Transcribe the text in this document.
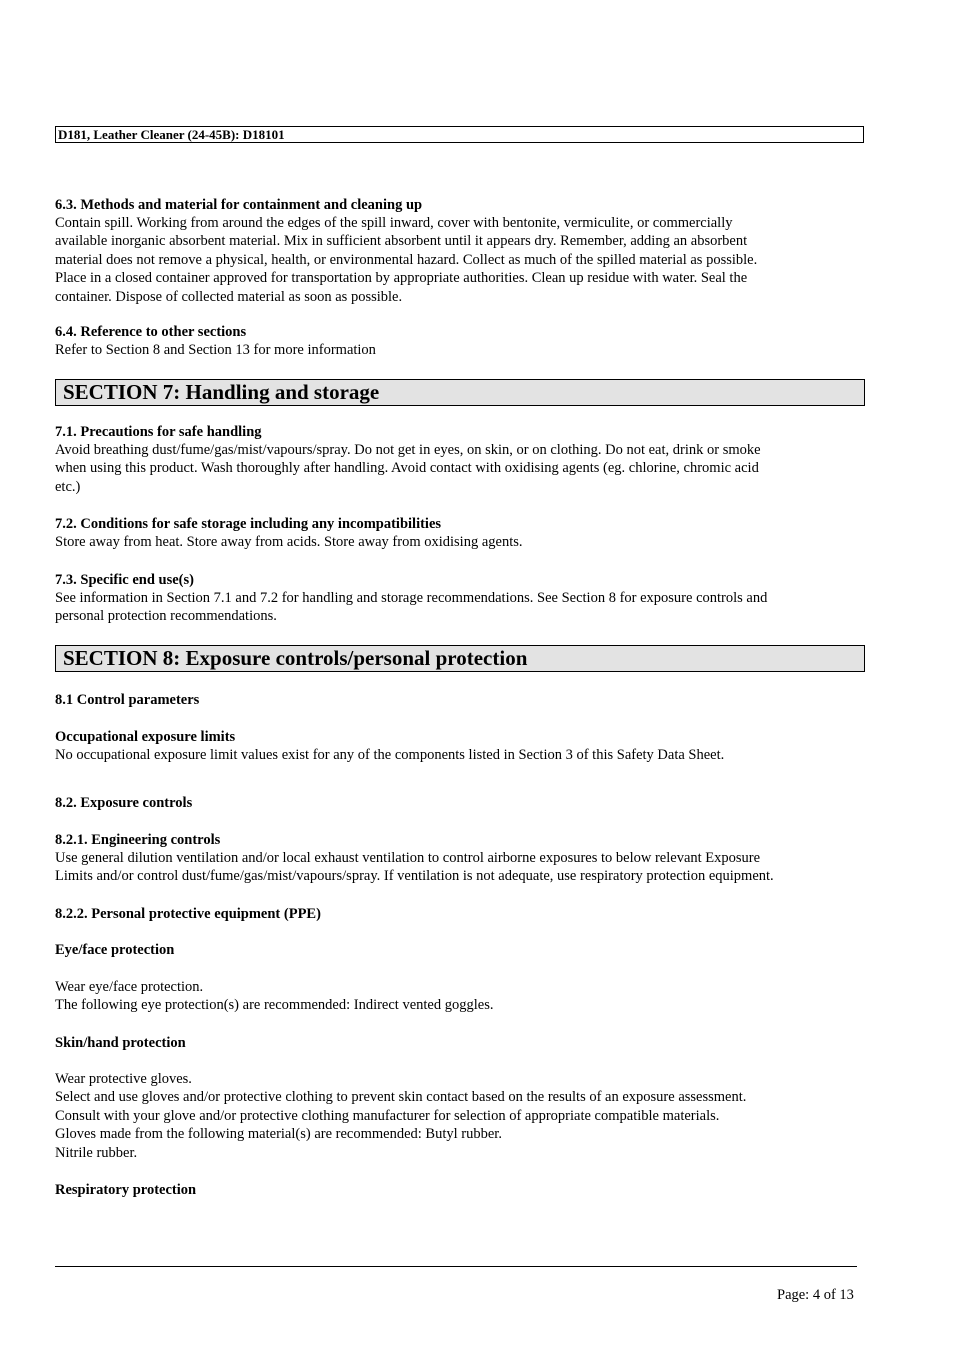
D181, Leather Cleaner (24-45B): D18101
6.3. Methods and material for containment and cleaning up
Contain spill. Working from around the edges of the spill inward, cover with bentonite, vermiculite, or commercially
available inorganic absorbent material. Mix in sufficient absorbent until it appears dry. Remember, adding an absorbent
material does not remove a physical, health, or environmental hazard. Collect as much of the spilled material as possible.
Place in a closed container approved for transportation by appropriate authorities. Clean up residue with water. Seal the
container. Dispose of collected material as soon as possible.
6.4. Reference to other sections
Refer to Section 8 and Section 13 for more information
SECTION 7: Handling and storage
7.1. Precautions for safe handling
Avoid breathing dust/fume/gas/mist/vapours/spray. Do not get in eyes, on skin, or on clothing. Do not eat, drink or smoke
when using this product. Wash thoroughly after handling. Avoid contact with oxidising agents (eg. chlorine, chromic acid
etc.)
7.2. Conditions for safe storage including any incompatibilities
Store away from heat. Store away from acids. Store away from oxidising agents.
7.3. Specific end use(s)
See information in Section 7.1 and 7.2 for handling and storage recommendations. See Section 8 for exposure controls and
personal protection recommendations.
SECTION 8: Exposure controls/personal protection
8.1 Control parameters
Occupational exposure limits
No occupational exposure limit values exist for any of the components listed in Section 3 of this Safety Data Sheet.
8.2. Exposure controls
8.2.1. Engineering controls
Use general dilution ventilation and/or local exhaust ventilation to control airborne exposures to below relevant Exposure
Limits and/or control dust/fume/gas/mist/vapours/spray. If ventilation is not adequate, use respiratory protection equipment.
8.2.2. Personal protective equipment (PPE)
Eye/face protection
Wear eye/face protection.
The following eye protection(s) are recommended: Indirect vented goggles.
Skin/hand protection
Wear protective gloves.
Select and use gloves and/or protective clothing to prevent skin contact based on the results of an exposure assessment.
Consult with your glove and/or protective clothing manufacturer for selection of appropriate compatible materials.
Gloves made from the following material(s) are recommended: Butyl rubber.
Nitrile rubber.
Respiratory protection
Page: 4 of 13
